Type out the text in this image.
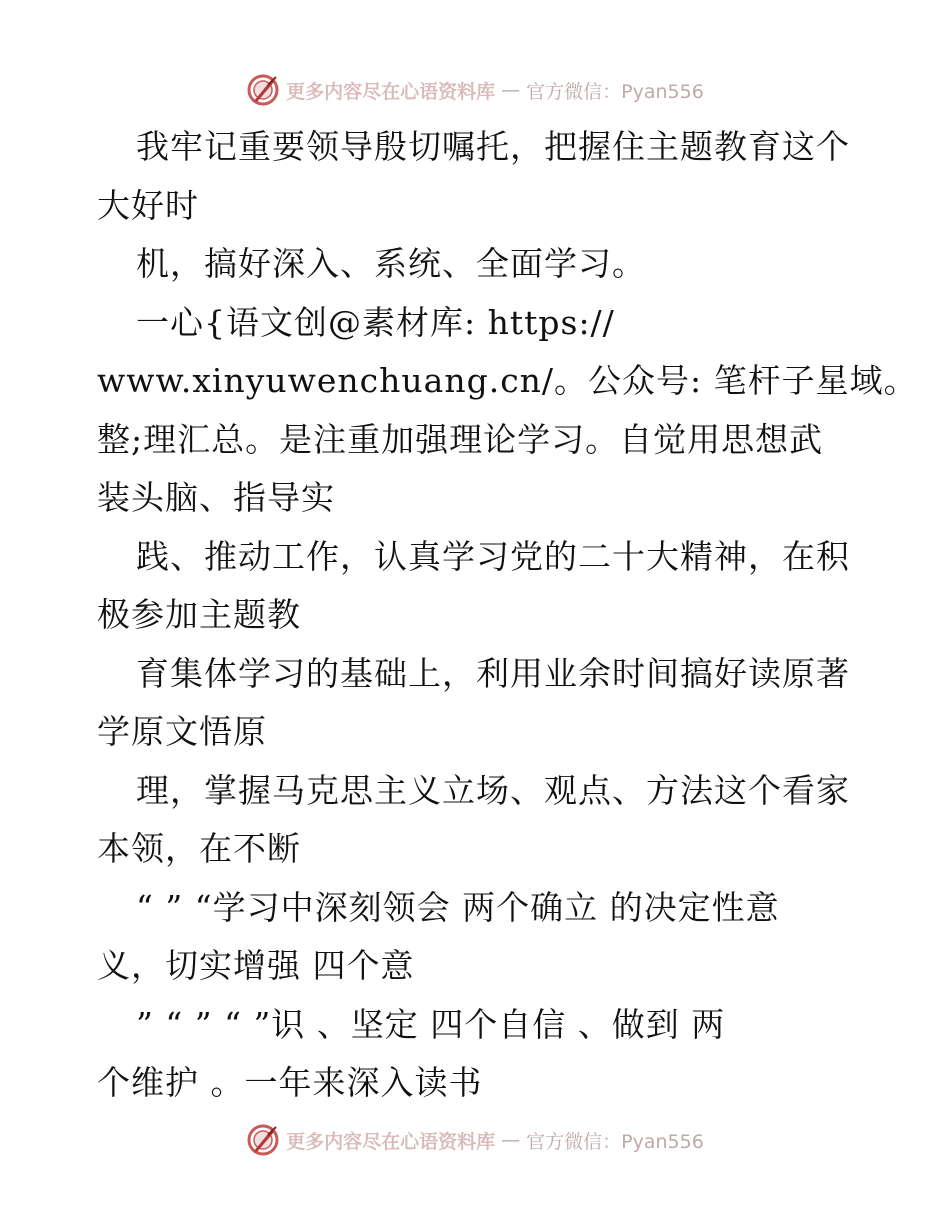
更多内容尽在心语资料库 — 官方微信：Pyan556
我牢记重要领导殷切嘱托，把握住主题教育这个
大好时
机，搞好深入、系统、全面学习。
一心{语文创@素材库: https://
www.xinyuwenchuang.cn/。公众号: 笔杆子星域。
整;理汇总。是注重加强理论学习。自觉用思想武
装头脑、指导实
践、推动工作，认真学习党的二十大精神，在积
极参加主题教
育集体学习的基础上，利用业余时间搞好读原著
学原文悟原
理，掌握马克思主义立场、观点、方法这个看家
本领，在不断
“ ” “学习中深刻领会 两个确立 的决定性意
义，切实增强 四个意
” “ ” “ ”识 、坚定 四个自信 、做到 两
个维护 。一年来深入读书
更多内容尽在心语资料库 — 官方微信：Pyan556
